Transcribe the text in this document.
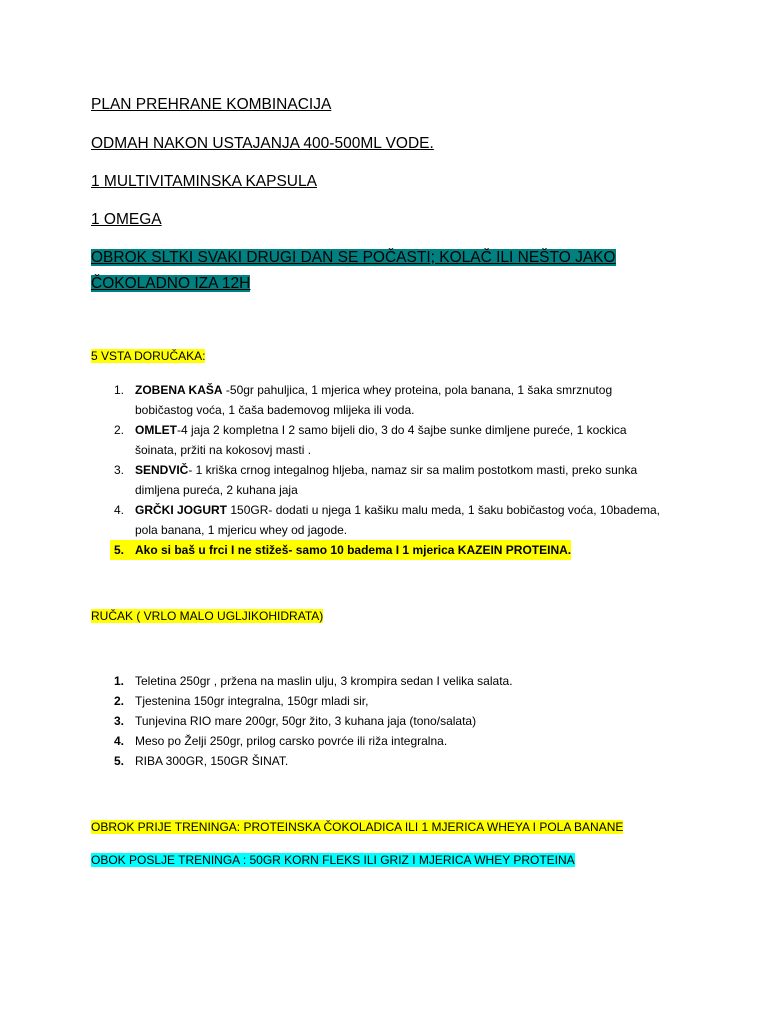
PLAN PREHRANE KOMBINACIJA
ODMAH NAKON USTAJANJA 400-500ML VODE.
1 MULTIVITAMINSKA KAPSULA
1 OMEGA
OBROK SLTKI SVAKI DRUGI DAN SE POČASTI; KOLAČ ILI NEŠTO JAKO
ČOKOLADNO IZA 12H
5 VSTA DORUČAKA:
1. ZOBENA KAŠA -50gr pahuljica, 1 mjerica whey proteina, pola banana, 1 šaka smrznutog
bobičastog voća, 1 čaša bademovog mlijeka ili voda.
2. OMLET-4 jaja 2 kompletna I 2 samo bijeli dio, 3 do 4 šajbe sunke dimljene pureće, 1 kockica
šoinata, pržiti na kokosovj masti .
3. SENDVIČ- 1 kriška crnog integalnog hljeba, namaz sir sa malim postotkom masti, preko sunka
dimljena pureća, 2 kuhana jaja
4. GRČKI JOGURT 150GR- dodati u njega 1 kašiku malu meda, 1 šaku bobičastog voća, 10badema,
pola banana, 1 mjericu whey od jagode.
5. Ako si baš u frci I ne stižeš- samo 10 badema I 1 mjerica KAZEIN PROTEINA.
RUČAK ( VRLO MALO UGLJIKOHIDRATA)
1. Teletina 250gr , pržena na maslin ulju, 3 krompira sedan I velika salata.
2. Tjestenina 150gr integralna, 150gr mladi sir,
3. Tunjevina RIO mare 200gr, 50gr žito, 3 kuhana jaja (tono/salata)
4. Meso po Želji 250gr, prilog carsko povrće ili riža integralna.
5. RIBA 300GR, 150GR ŠINAT.
OBROK PRIJE TRENINGA: PROTEINSKA ČOKOLADICA ILI 1 MJERICA WHEYA I POLA BANANE
OBOK POSLJE TRENINGA : 50GR KORN FLEKS ILI GRIZ I MJERICA WHEY PROTEINA
